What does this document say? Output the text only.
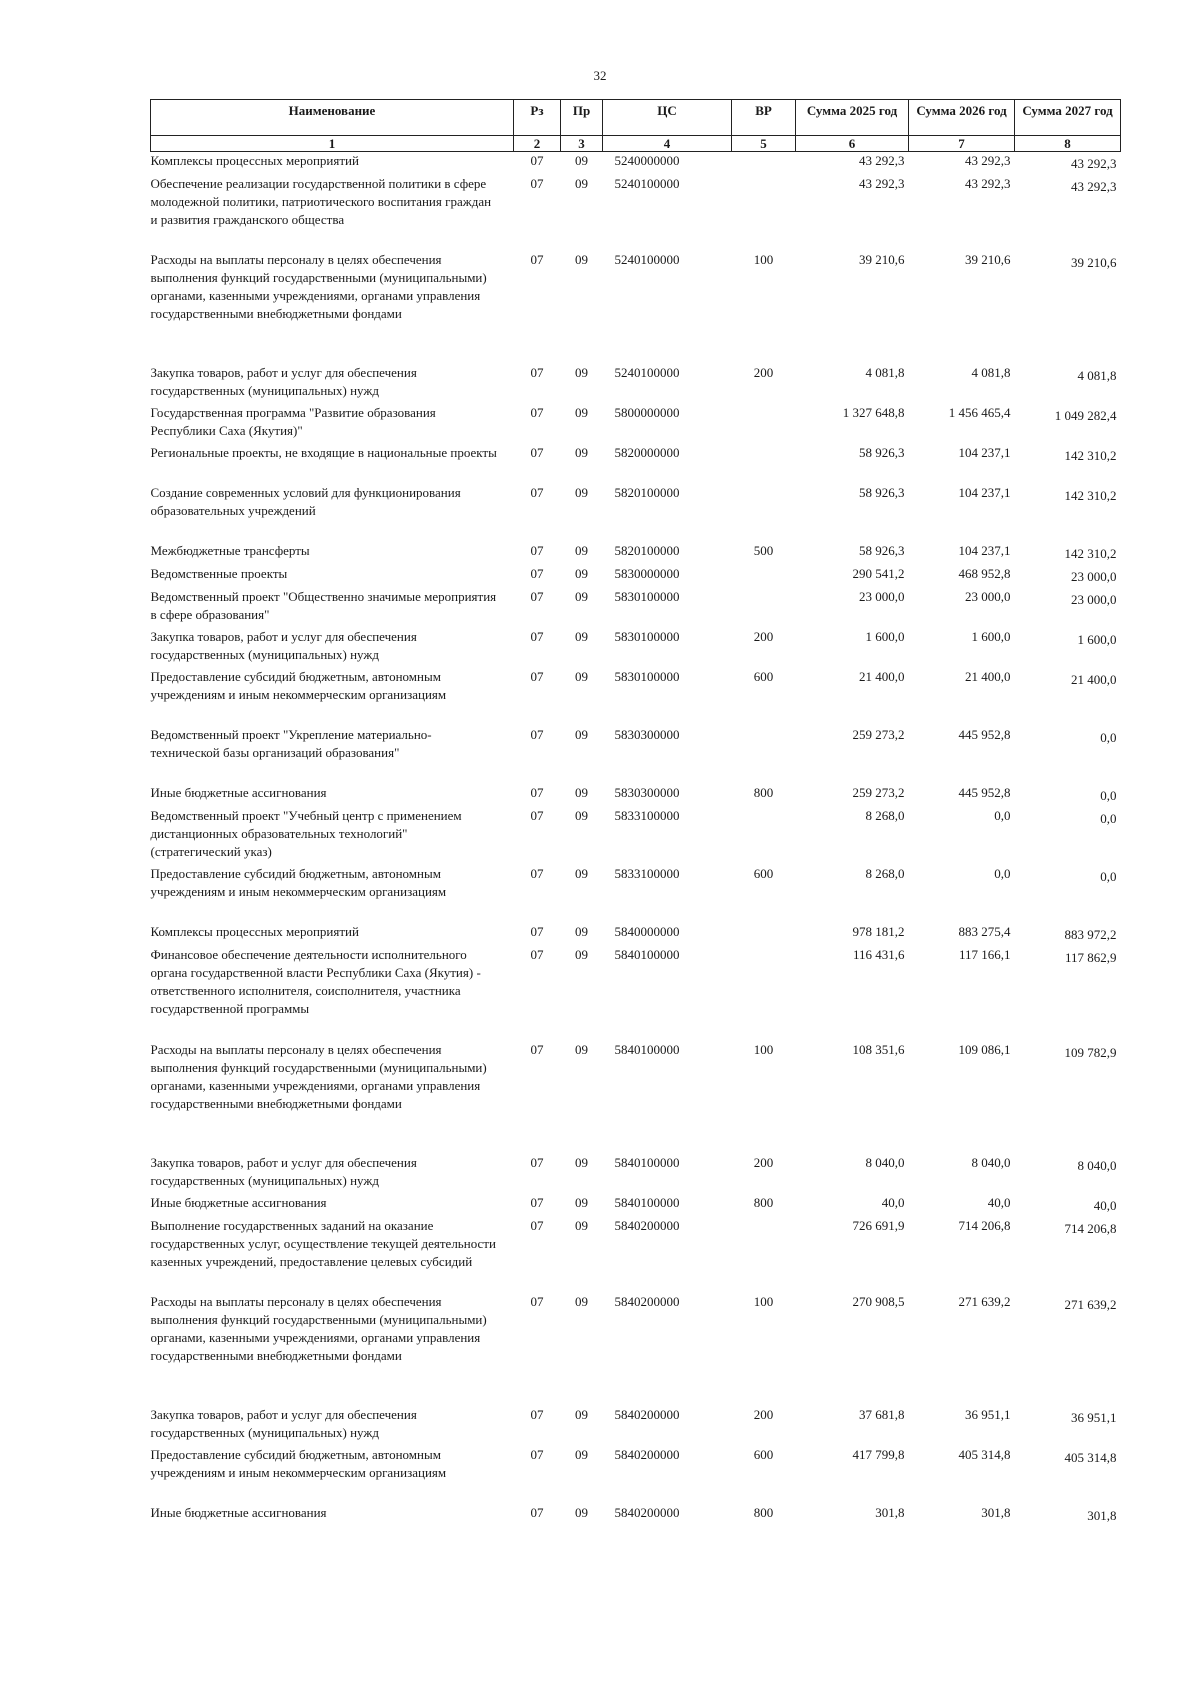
32
Наименование	Рз	Пр	ЦС	ВР	Сумма 2025 год	Сумма 2026 год	Сумма 2027 год
1	2	3	4	5	6	7	8
Комплексы процессных мероприятий	07	09	5240000000		43 292,3	43 292,3	43 292,3
Обеспечение реализации государственной политики в сфере молодежной политики, патриотического воспитания граждан и развития гражданского общества	07	09	5240100000		43 292,3	43 292,3	43 292,3
Расходы на выплаты персоналу в целях обеспечения выполнения функций государственными (муниципальными) органами, казенными учреждениями, органами управления государственными внебюджетными фондами	07	09	5240100000	100	39 210,6	39 210,6	39 210,6
Закупка товаров, работ и услуг для обеспечения государственных (муниципальных) нужд	07	09	5240100000	200	4 081,8	4 081,8	4 081,8
Государственная программа "Развитие образования Республики Саха (Якутия)"	07	09	5800000000		1 327 648,8	1 456 465,4	1 049 282,4
Региональные проекты, не входящие в национальные проекты	07	09	5820000000		58 926,3	104 237,1	142 310,2
Создание современных условий для функционирования образовательных учреждений	07	09	5820100000		58 926,3	104 237,1	142 310,2
Межбюджетные трансферты	07	09	5820100000	500	58 926,3	104 237,1	142 310,2
Ведомственные проекты	07	09	5830000000		290 541,2	468 952,8	23 000,0
Ведомственный проект "Общественно значимые мероприятия в сфере образования"	07	09	5830100000		23 000,0	23 000,0	23 000,0
Закупка товаров, работ и услуг для обеспечения государственных (муниципальных) нужд	07	09	5830100000	200	1 600,0	1 600,0	1 600,0
Предоставление субсидий бюджетным, автономным учреждениям и иным некоммерческим организациям	07	09	5830100000	600	21 400,0	21 400,0	21 400,0
Ведомственный проект "Укрепление материально-технической базы организаций образования"	07	09	5830300000		259 273,2	445 952,8	0,0
Иные бюджетные ассигнования	07	09	5830300000	800	259 273,2	445 952,8	0,0
Ведомственный проект "Учебный центр с применением дистанционных образовательных технологий" (стратегический указ)	07	09	5833100000		8 268,0	0,0	0,0
Предоставление субсидий бюджетным, автономным учреждениям и иным некоммерческим организациям	07	09	5833100000	600	8 268,0	0,0	0,0
Комплексы процессных мероприятий	07	09	5840000000		978 181,2	883 275,4	883 972,2
Финансовое обеспечение деятельности исполнительного органа государственной власти Республики Саха (Якутия) - ответственного исполнителя, соисполнителя, участника государственной программы	07	09	5840100000		116 431,6	117 166,1	117 862,9
Расходы на выплаты персоналу в целях обеспечения выполнения функций государственными (муниципальными) органами, казенными учреждениями, органами управления государственными внебюджетными фондами	07	09	5840100000	100	108 351,6	109 086,1	109 782,9
Закупка товаров, работ и услуг для обеспечения государственных (муниципальных) нужд	07	09	5840100000	200	8 040,0	8 040,0	8 040,0
Иные бюджетные ассигнования	07	09	5840100000	800	40,0	40,0	40,0
Выполнение государственных заданий на оказание государственных услуг, осуществление текущей деятельности казенных учреждений, предоставление целевых субсидий	07	09	5840200000		726 691,9	714 206,8	714 206,8
Расходы на выплаты персоналу в целях обеспечения выполнения функций государственными (муниципальными) органами, казенными учреждениями, органами управления государственными внебюджетными фондами	07	09	5840200000	100	270 908,5	271 639,2	271 639,2
Закупка товаров, работ и услуг для обеспечения государственных (муниципальных) нужд	07	09	5840200000	200	37 681,8	36 951,1	36 951,1
Предоставление субсидий бюджетным, автономным учреждениям и иным некоммерческим организациям	07	09	5840200000	600	417 799,8	405 314,8	405 314,8
Иные бюджетные ассигнования	07	09	5840200000	800	301,8	301,8	301,8
